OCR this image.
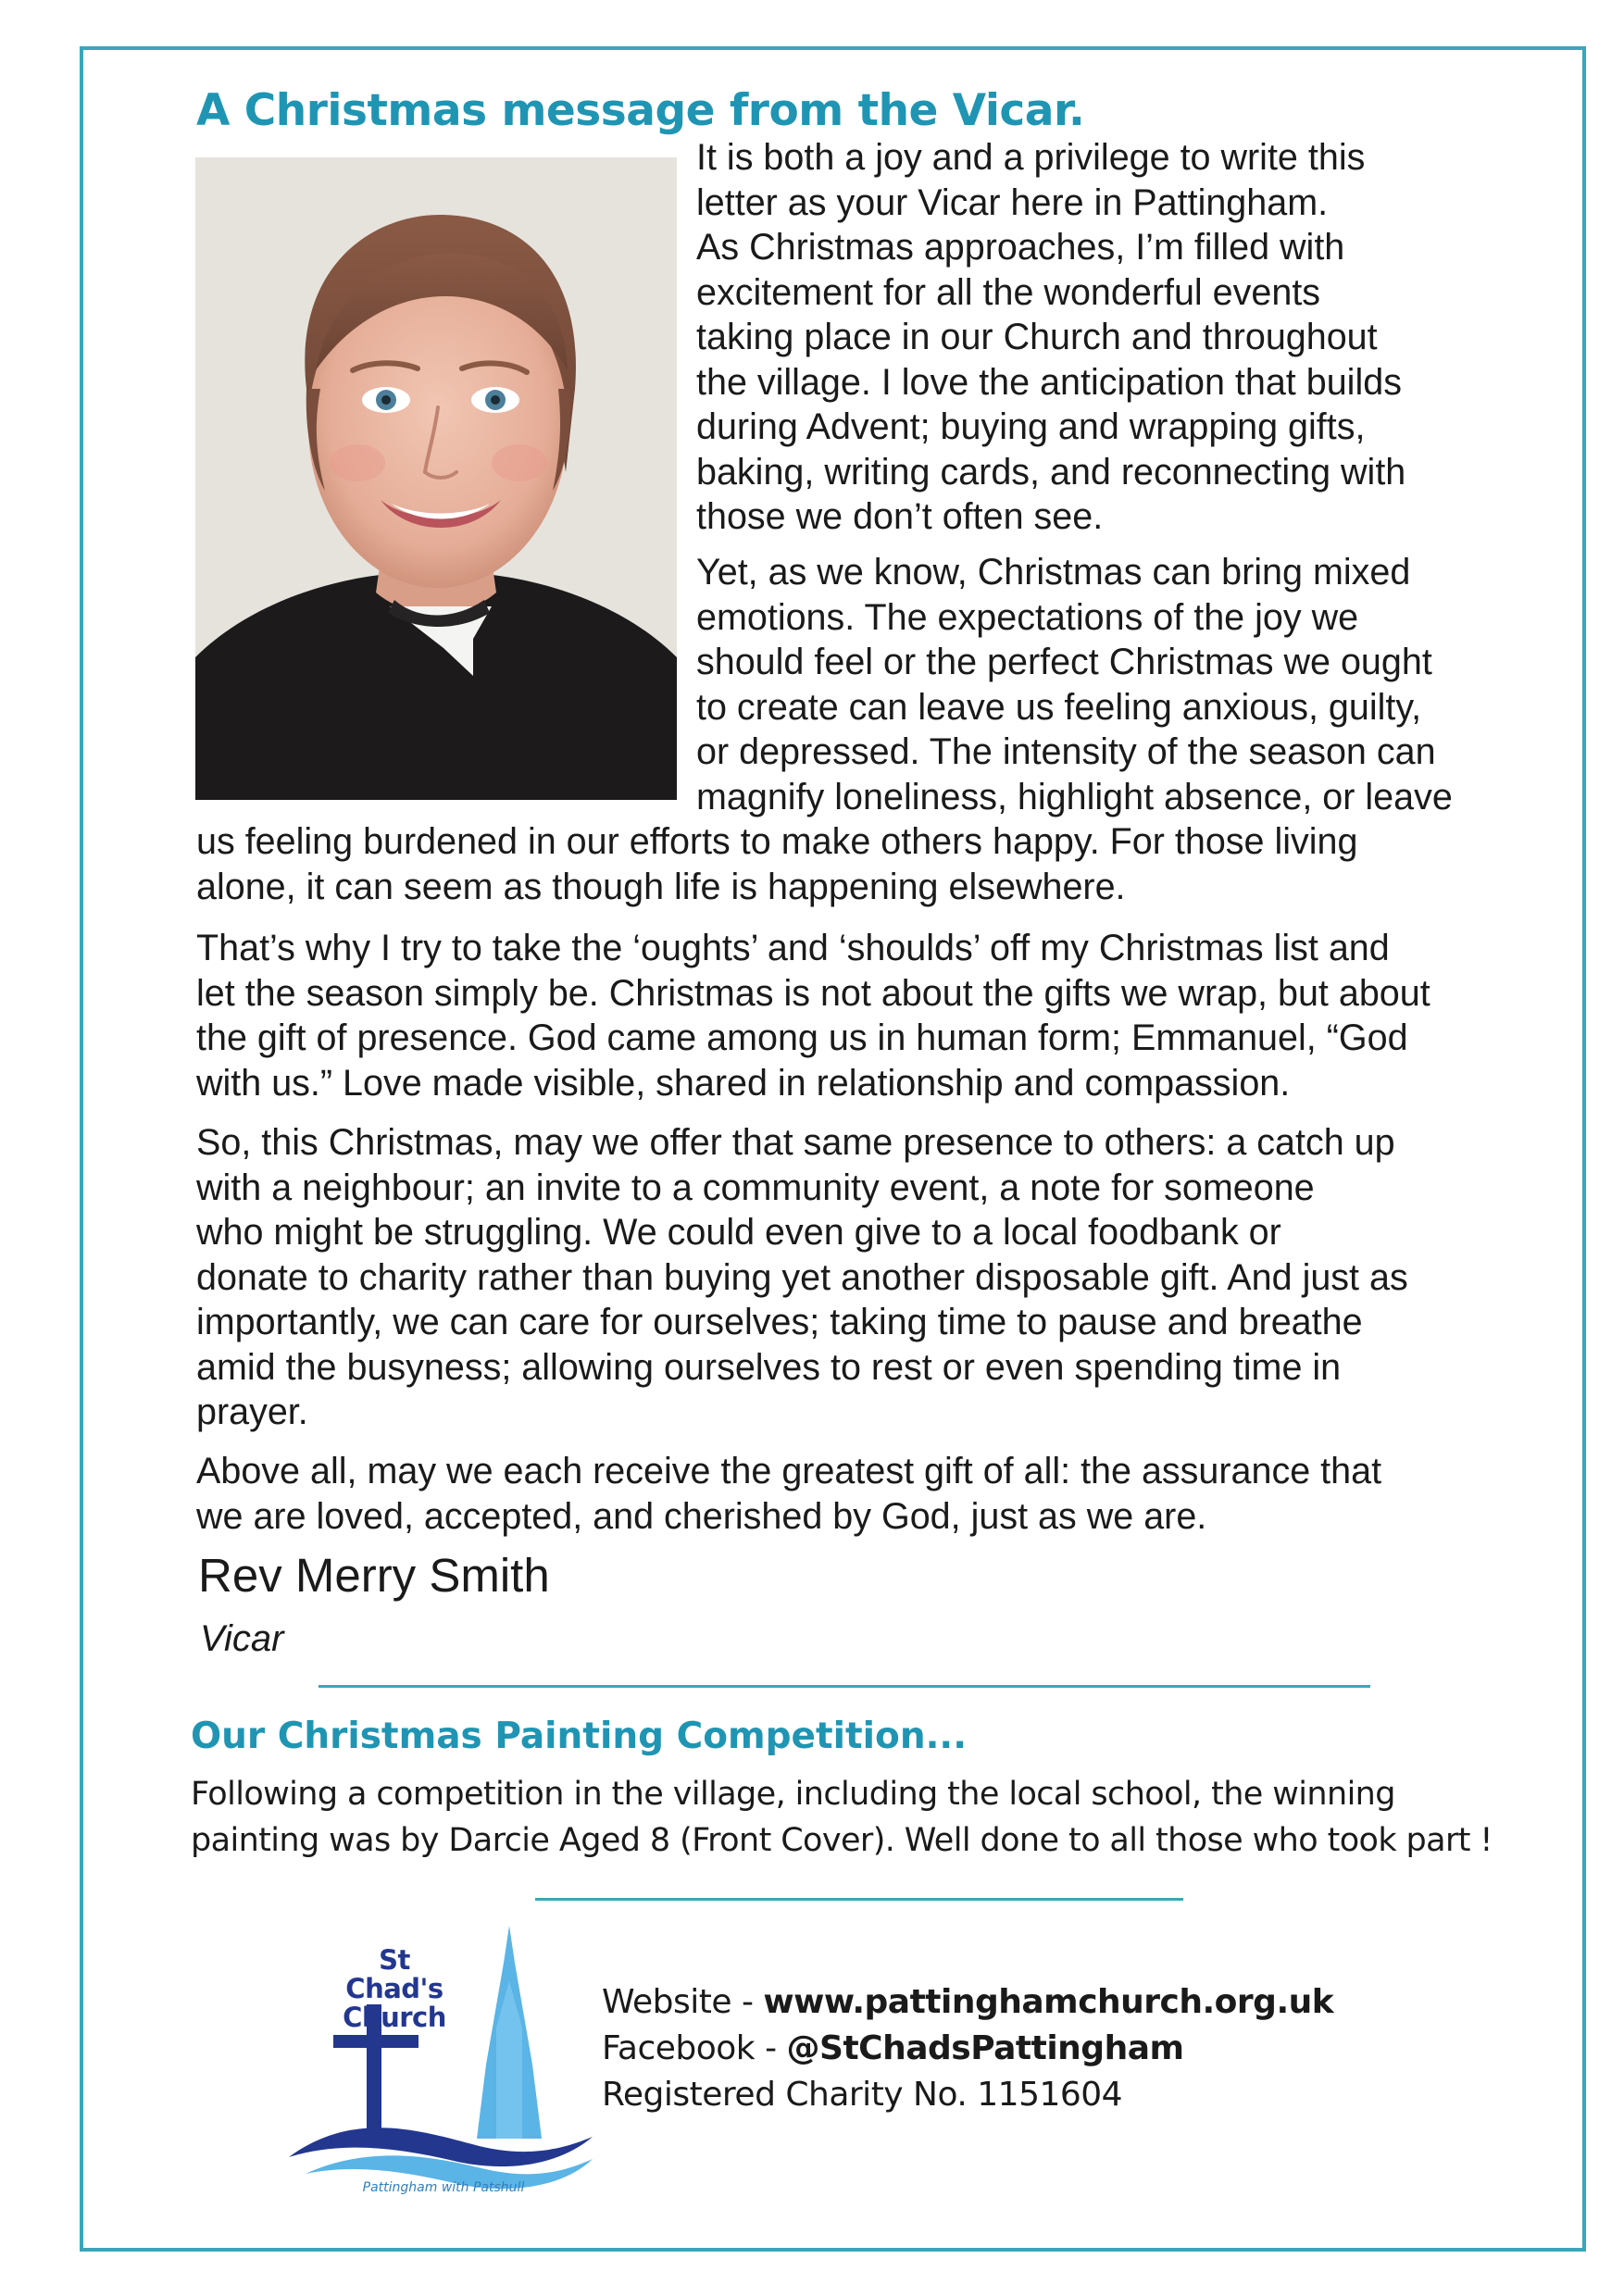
A Christmas message from the Vicar.

It is both a joy and a privilege to write this

letter as your Vicar here in Pattingham.

As Christmas approaches, I’m filled with

excitement for all the wonderful events

taking place in our Church and throughout

the village. I love the anticipation that builds

during Advent; buying and wrapping gifts,

baking, writing cards, and reconnecting with

those we don’t often see.

Yet, as we know, Christmas can bring mixed

emotions. The expectations of the joy we

should feel or the perfect Christmas we ought

to create can leave us feeling anxious, guilty,

or depressed. The intensity of the season can

magnify loneliness, highlight absence, or leave

us feeling burdened in our efforts to make others happy. For those living

alone, it can seem as though life is happening elsewhere.

That’s why I try to take the ‘oughts’ and ‘shoulds’ off my Christmas list and

let the season simply be. Christmas is not about the gifts we wrap, but about

the gift of presence. God came among us in human form; Emmanuel, “God

with us.” Love made visible, shared in relationship and compassion.

So, this Christmas, may we offer that same presence to others: a catch up

with a neighbour; an invite to a community event, a note for someone

who might be struggling. We could even give to a local foodbank or

donate to charity rather than buying yet another disposable gift. And just as

importantly, we can care for ourselves; taking time to pause and breathe

amid the busyness; allowing ourselves to rest or even spending time in

prayer.

Above all, may we each receive the greatest gift of all: the assurance that

we are loved, accepted, and cherished by God, just as we are.

Rev Merry Smith
Vicar
Our Christmas Painting Competition...

Following a competition in the village, including the local school, the winning

painting was by Darcie Aged 8 (Front Cover). Well done to all those who took part !

St Chad's
Church
Pattingham with Patshull
Website - www.pattinghamchurch.org.uk
Facebook - @StChadsPattingham
Registered Charity No. 1151604
